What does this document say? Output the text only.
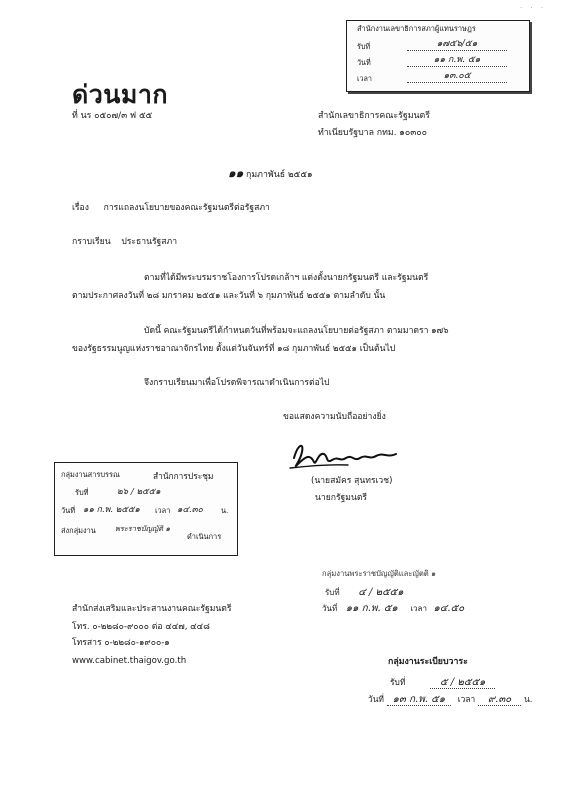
· · ·
สำนักงานเลขาธิการสภาผู้แทนราษฎร
รับที่	๑๗๕๖/๕๑
วันที่	๑๑ ก.พ. ๕๑
เวลา	๑๓.๐๕
ด่วนมาก
ที่ นร ๐๕๐๗/๓ ฟ ๕๕	สำนักเลขาธิการคณะรัฐมนตรี
ทำเนียบรัฐบาล กทม. ๑๐๓๐๐
๑๑ กุมภาพันธ์ ๒๕๕๑
เรื่อง การแถลงนโยบายของคณะรัฐมนตรีต่อรัฐสภา
กราบเรียน ประธานรัฐสภา
ตามที่ได้มีพระบรมราชโองการโปรดเกล้าฯ แต่งตั้งนายกรัฐมนตรี และรัฐมนตรี
ตามประกาศลงวันที่ ๒๘ มกราคม ๒๕๕๑ และวันที่ ๖ กุมภาพันธ์ ๒๕๕๑ ตามลำดับ นั้น
บัดนี้ คณะรัฐมนตรีได้กำหนดวันที่พร้อมจะแถลงนโยบายต่อรัฐสภา ตามมาตรา ๑๗๖
ของรัฐธรรมนูญแห่งราชอาณาจักรไทย ตั้งแต่วันจันทร์ที่ ๑๘ กุมภาพันธ์ ๒๕๕๑ เป็นต้นไป
จึงกราบเรียนมาเพื่อโปรดพิจารณาดำเนินการต่อไป
ขอแสดงความนับถืออย่างยิ่ง
(นายสมัคร สุนทรเวช)
นายกรัฐมนตรี
กลุ่มงานสารบรรณ	สำนักการประชุม
รับที่	๒๖ / ๒๕๕๑
วันที่ ๑๑ ก.พ. ๒๕๕๑ เวลา ๑๔.๓๐ น.
ส่งกลุ่มงาน	พระราชบัญญัติ ๑
ดำเนินการ
กลุ่มงานพระราชบัญญัติและญัตติ ๑
รับที่ ๔ / ๒๕๕๑
วันที่ ๑๑ ก.พ. ๕๑ เวลา ๑๔.๕๐
สำนักส่งเสริมและประสานงานคณะรัฐมนตรี
โทร. ๐-๒๒๘๐-๙๐๐๐ ต่อ ๔๔๗, ๔๔๘
โทรสาร ๐-๒๒๘๐-๑๙๐๐-๑
www.cabinet.thaigov.go.th	กลุ่มงานระเบียบวาระ
รับที่	๕ / ๒๕๕๑
วันที่ ๑๓ ก.พ. ๕๑ เวลา ๙.๓๐ น.
